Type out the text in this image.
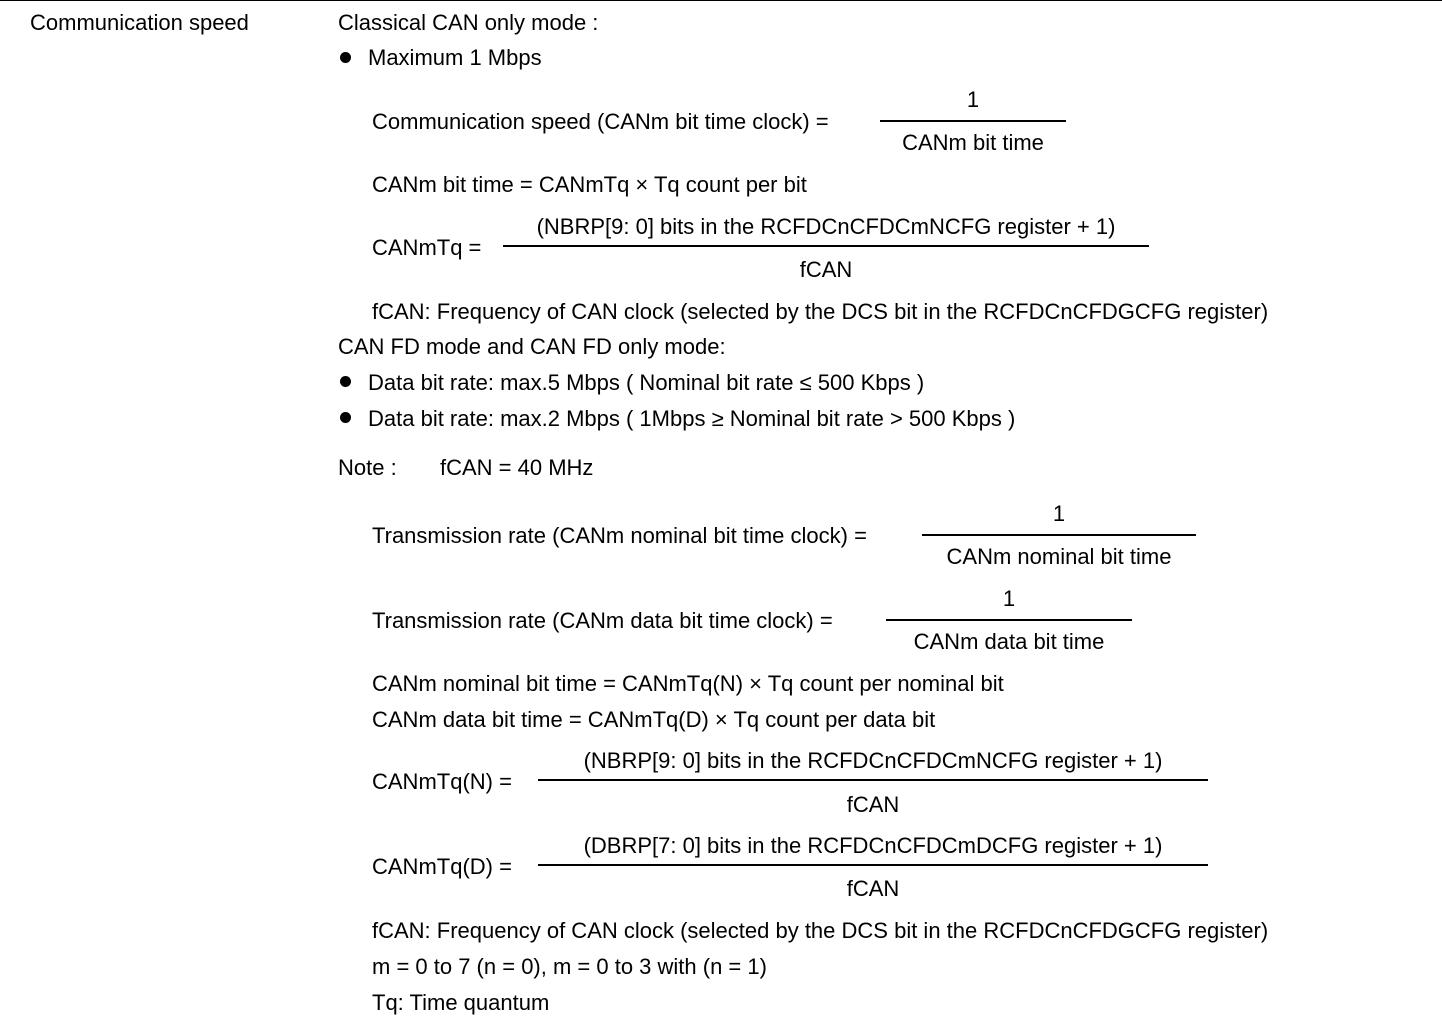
Communication speed	Classical CAN only mode :
Maximum 1 Mbps
Communication speed (CANm bit time clock) =
1
CANm bit time
CANm bit time = CANmTq × Tq count per bit
CANmTq =
(NBRP[9: 0] bits in the RCFDCnCFDCmNCFG register + 1)
fCAN
fCAN: Frequency of CAN clock (selected by the DCS bit in the RCFDCnCFDGCFG register)
CAN FD mode and CAN FD only mode:
Data bit rate: max.5 Mbps ( Nominal bit rate ≤ 500 Kbps )
Data bit rate: max.2 Mbps ( 1Mbps ≥ Nominal bit rate > 500 Kbps )
Note : fCAN = 40 MHz
Transmission rate (CANm nominal bit time clock) =
1
CANm nominal bit time
Transmission rate (CANm data bit time clock) =
1
CANm data bit time
CANm nominal bit time = CANmTq(N) × Tq count per nominal bit
CANm data bit time = CANmTq(D) × Tq count per data bit
CANmTq(N) =
(NBRP[9: 0] bits in the RCFDCnCFDCmNCFG register + 1)
fCAN
CANmTq(D) =
(DBRP[7: 0] bits in the RCFDCnCFDCmDCFG register + 1)
fCAN
fCAN: Frequency of CAN clock (selected by the DCS bit in the RCFDCnCFDGCFG register)
m = 0 to 7 (n = 0), m = 0 to 3 with (n = 1)
Tq: Time quantum
